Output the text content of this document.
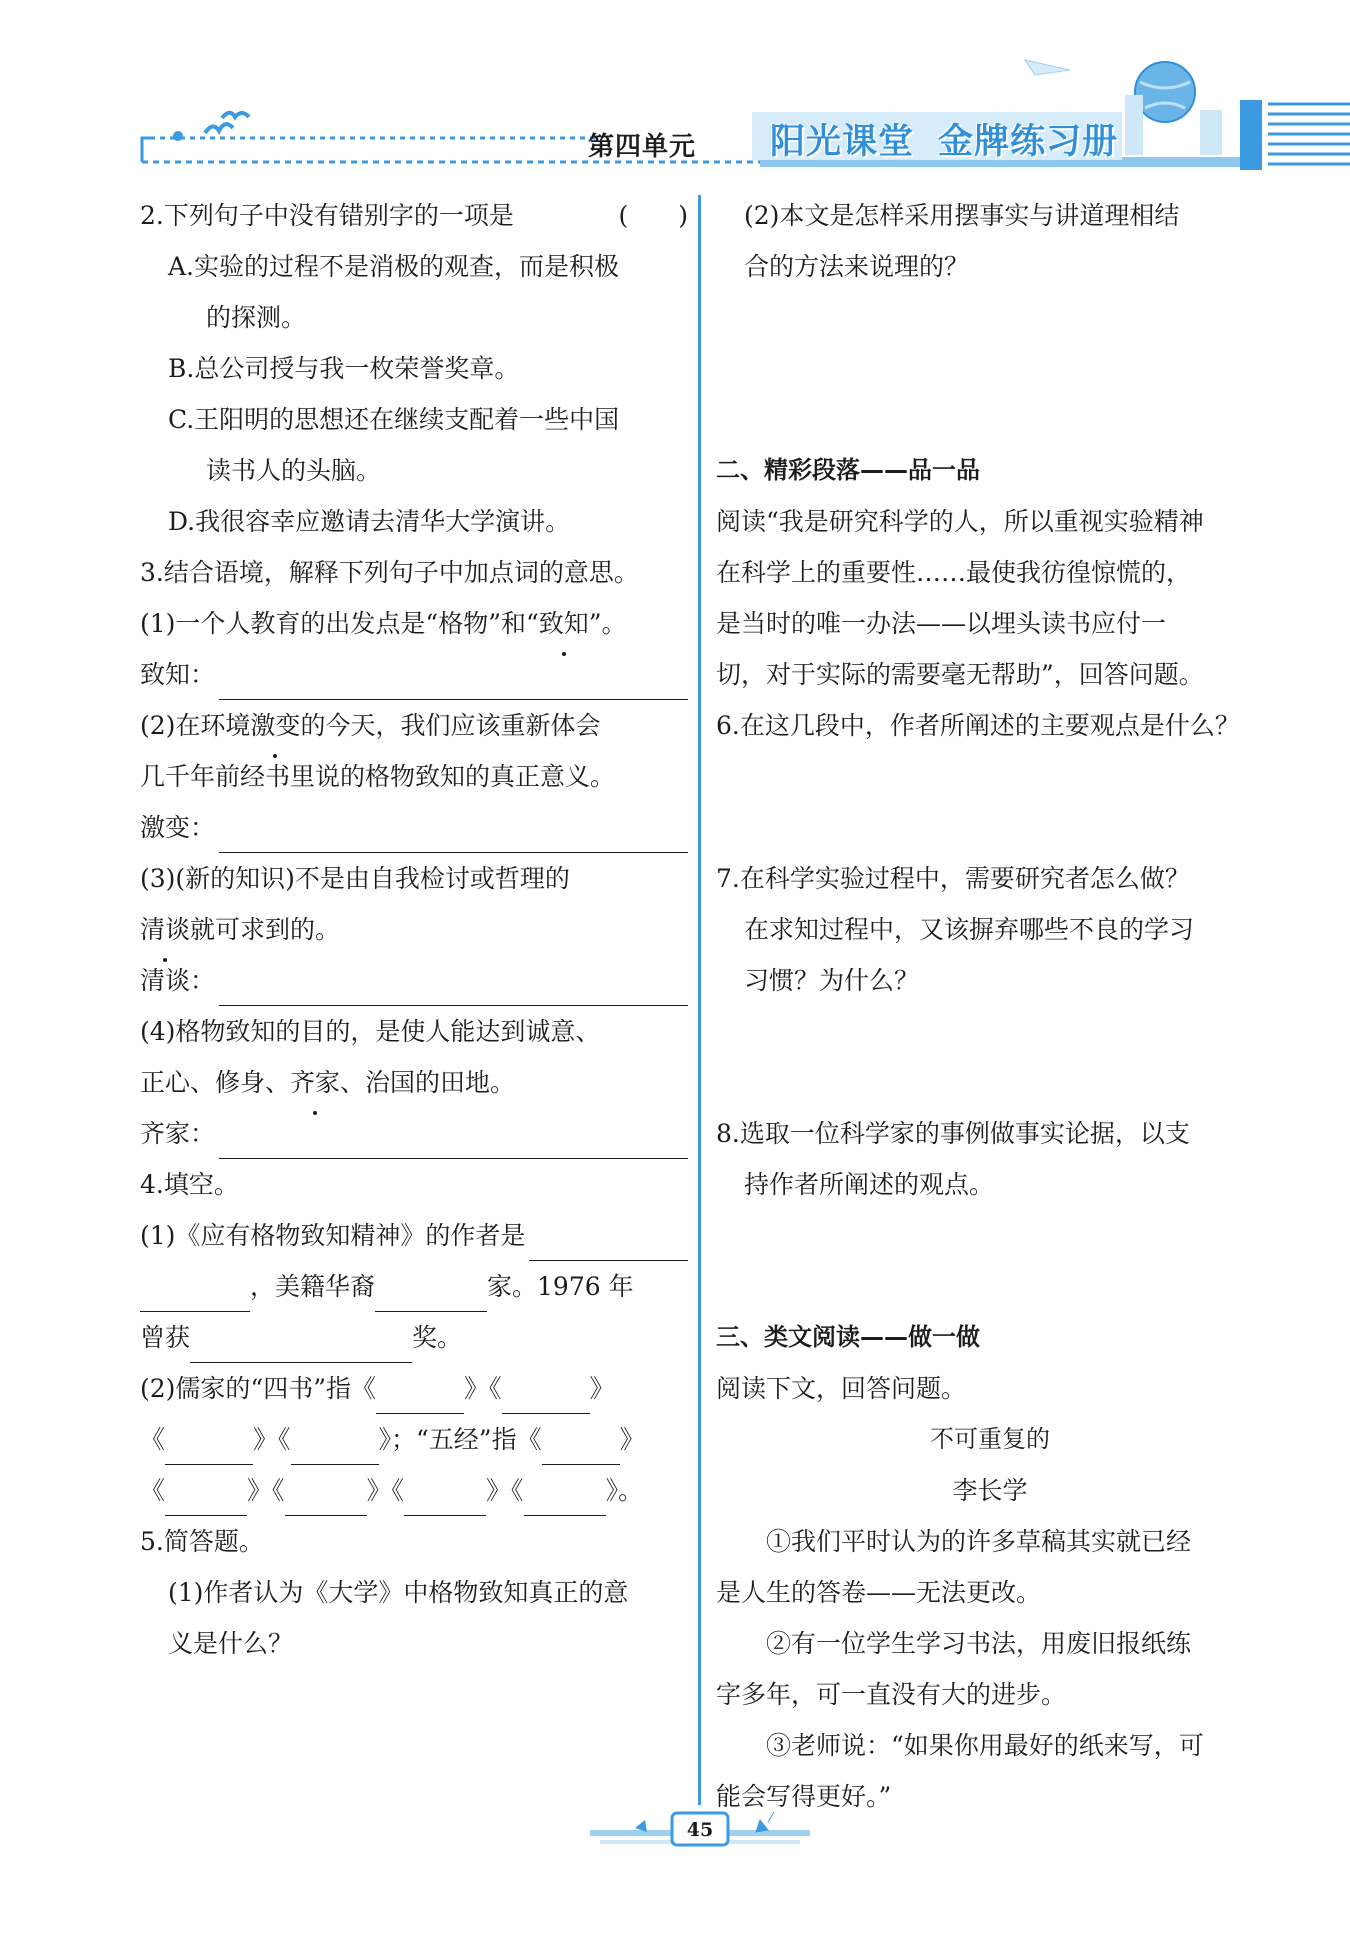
第四单元 阳光课堂 金牌练习册
2.下列句子中没有错别字的一项是	(　　)
A.实验的过程不是消极的观查，而是积极
的探测。
B.总公司授与我一枚荣誉奖章。
C.王阳明的思想还在继续支配着一些中国
读书人的头脑。
D.我很容幸应邀请去清华大学演讲。
3.结合语境，解释下列句子中加点词的意思。
(1)一个人教育的出发点是“格物”和“致知”。
致知：
(2)在环境激变的今天，我们应该重新体会
几千年前经书里说的格物致知的真正意义。
激变：
(3)(新的知识)不是由自我检讨或哲理的
清谈就可求到的。
清谈：
(4)格物致知的目的，是使人能达到诚意、
正心、修身、齐家、治国的田地。
齐家：
4.填空。
(1)《应有格物致知精神》的作者是
，美籍华裔	家。1976 年
曾获	奖。
(2)儒家的“四书”指《	》《	》
《	》《	》；“五经”指《	》
《	》《	》《	》《	》。
5.简答题。
(1)作者认为《大学》中格物致知真正的意
义是什么？
(2)本文是怎样采用摆事实与讲道理相结
合的方法来说理的？
二、精彩段落——品一品
阅读“我是研究科学的人，所以重视实验精神
在科学上的重要性……最使我彷徨惊慌的，
是当时的唯一办法——以埋头读书应付一
切，对于实际的需要毫无帮助”，回答问题。
6.在这几段中，作者所阐述的主要观点是什么？
7.在科学实验过程中，需要研究者怎么做？
在求知过程中，又该摒弃哪些不良的学习
习惯？为什么？
8.选取一位科学家的事例做事实论据，以支
持作者所阐述的观点。
三、类文阅读——做一做
阅读下文，回答问题。
不可重复的
李长学
①我们平时认为的许多草稿其实就已经
是人生的答卷——无法更改。
②有一位学生学习书法，用废旧报纸练
字多年，可一直没有大的进步。
③老师说：“如果你用最好的纸来写，可
能会写得更好。”
45
